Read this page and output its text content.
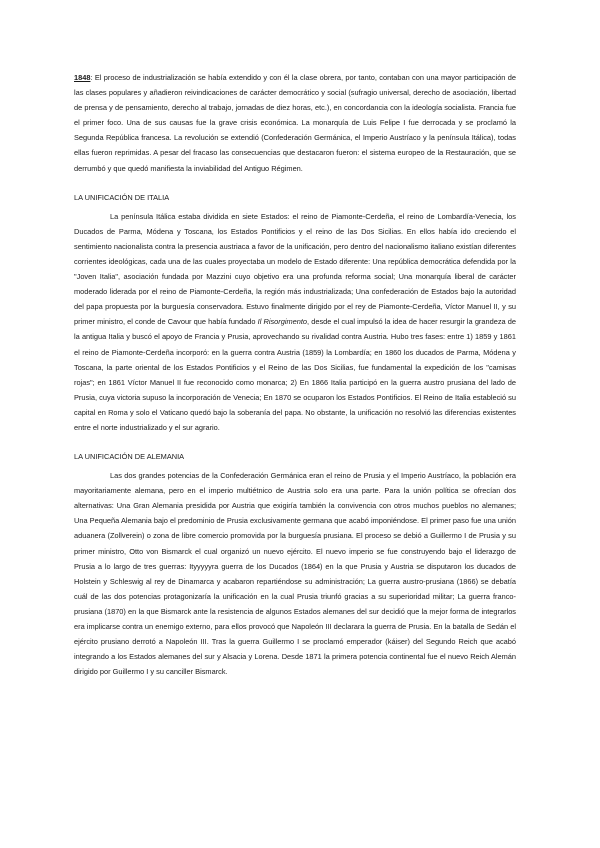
1848: El proceso de industrialización se había extendido y con él la clase obrera, por tanto, contaban con una mayor participación de las clases populares y añadieron reivindicaciones de carácter democrático y social (sufragio universal, derecho de asociación, libertad de prensa y de pensamiento, derecho al trabajo, jornadas de diez horas, etc.), en concordancia con la ideología socialista. Francia fue el primer foco. Una de sus causas fue la grave crisis económica. La monarquía de Luis Felipe I fue derrocada y se proclamó la Segunda República francesa. La revolución se extendió (Confederación Germánica, el Imperio Austríaco y la península Itálica), todas ellas fueron reprimidas. A pesar del fracaso las consecuencias que destacaron fueron: el sistema europeo de la Restauración, que se derrumbó y que quedó manifiesta la inviabilidad del Antiguo Régimen.

LA UNIFICACIÓN DE ITALIA

La península Itálica estaba dividida en siete Estados: el reino de Piamonte-Cerdeña, el reino de Lombardía-Venecia, los Ducados de Parma, Módena y Toscana, los Estados Pontificios y el reino de las Dos Sicilias. En ellos había ido creciendo el sentimiento nacionalista contra la presencia austriaca a favor de la unificación, pero dentro del nacionalismo italiano existían diferentes corrientes ideológicas, cada una de las cuales proyectaba un modelo de Estado diferente: Una república democrática defendida por la "Joven Italia", asociación fundada por Mazzini cuyo objetivo era una profunda reforma social; Una monarquía liberal de carácter moderado liderada por el reino de Piamonte-Cerdeña, la región más industrializada; Una confederación de Estados bajo la autoridad del papa propuesta por la burguesía conservadora. Estuvo finalmente dirigido por el rey de Piamonte-Cerdeña, Víctor Manuel II, y su primer ministro, el conde de Cavour que había fundado Il Risorgimento, desde el cual impulsó la idea de hacer resurgir la grandeza de la antigua Italia y buscó el apoyo de Francia y Prusia, aprovechando su rivalidad contra Austria. Hubo tres fases: entre 1) 1859 y 1861 el reino de Piamonte-Cerdeña incorporó: en la guerra contra Austria (1859) la Lombardía; en 1860 los ducados de Parma, Módena y Toscana, la parte oriental de los Estados Pontificios y el Reino de las Dos Sicilias, fue fundamental la expedición de los "camisas rojas"; en 1861 Víctor Manuel II fue reconocido como monarca; 2) En 1866 Italia participó en la guerra austro prusiana del lado de Prusia, cuya victoria supuso la incorporación de Venecia; En 1870 se ocuparon los Estados Pontificios. El Reino de Italia estableció su capital en Roma y solo el Vaticano quedó bajo la soberanía del papa. No obstante, la unificación no resolvió las diferencias existentes entre el norte industrializado y el sur agrario.

LA UNIFICACIÓN DE ALEMANIA

Las dos grandes potencias de la Confederación Germánica eran el reino de Prusia y el Imperio Austríaco, la población era mayoritariamente alemana, pero en el imperio multiétnico de Austria solo era una parte. Para la unión política se ofrecían dos alternativas: Una Gran Alemania presidida por Austria que exigiría también la convivencia con otros muchos pueblos no alemanes; Una Pequeña Alemania bajo el predominio de Prusia exclusivamente germana que acabó imponiéndose. El primer paso fue una unión aduanera (Zollverein) o zona de libre comercio promovida por la burguesía prusiana. El proceso se debió a Guillermo I de Prusia y su primer ministro, Otto von Bismarck el cual organizó un nuevo ejército. El nuevo imperio se fue construyendo bajo el liderazgo de Prusia a lo largo de tres guerras: Ityyyyyra guerra de los Ducados (1864) en la que Prusia y Austria se disputaron los ducados de Holstein y Schleswig al rey de Dinamarca y acabaron repartiéndose su administración; La guerra austro-prusiana (1866) se debatía cuál de las dos potencias protagonizaría la unificación en la cual Prusia triunfó gracias a su superioridad militar; La guerra franco-prusiana (1870) en la que Bismarck ante la resistencia de algunos Estados alemanes del sur decidió que la mejor forma de integrarlos era implicarse contra un enemigo externo, para ellos provocó que Napoleón III declarara la guerra de Prusia. En la batalla de Sedán el ejército prusiano derrotó a Napoleón III. Tras la guerra Guillermo I se proclamó emperador (káiser) del Segundo Reich que acabó integrando a los Estados alemanes del sur y Alsacia y Lorena. Desde 1871 la primera potencia continental fue el nuevo Reich Alemán dirigido por Guillermo I y su canciller Bismarck.
